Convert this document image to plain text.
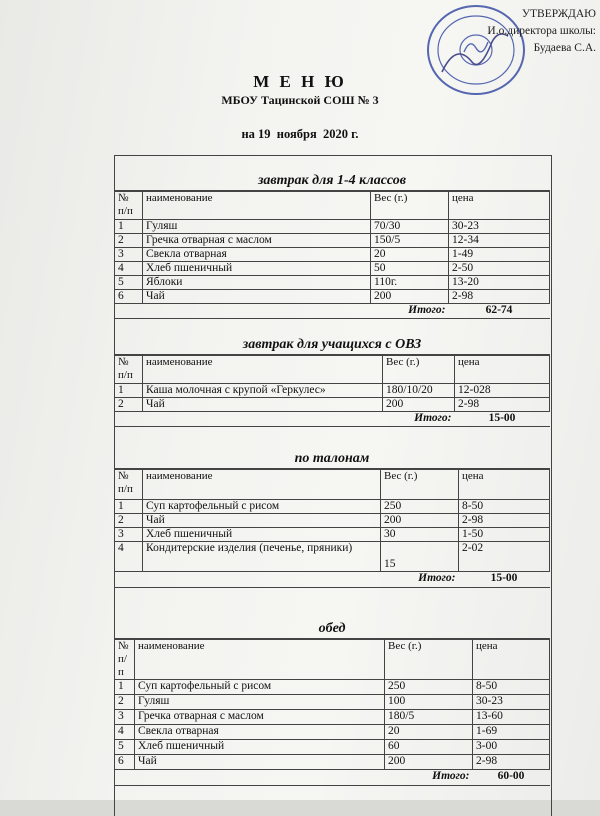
УТВЕРЖДАЮ
И.о.директора школы:
Будаева С.А.
М Е Н Ю
МБОУ Тацинской СОШ № 3
на 19  ноября  2020 г.
завтрак для 1-4 классов
№ п/п	наименование	Вес (г.)	цена
1	Гуляш	70/30	30-23
2	Гречка отварная с маслом	150/5	12-34
3	Свекла отварная	20	1-49
4	Хлеб пшеничный	50	2-50
5	Яблоки	110г.	13-20
6	Чай	200	2-98
Итого:			62-74
завтрак для учащихся с ОВЗ
№ п/п	наименование	Вес (г.)	цена
1	Каша молочная с крупой «Геркулес»	180/10/20	12-028
2	Чай	200	2-98
Итого:			15-00
по талонам
№ п/п	наименование	Вес (г.)	цена
1	Суп картофельный с рисом	250	8-50
2	Чай	200	2-98
3	Хлеб пшеничный	30	1-50
4	Кондитерские изделия (печенье, пряники)	15	2-02
Итого:			15-00
обед
№ п/п	наименование	Вес (г.)	цена
1	Суп картофельный с рисом	250	8-50
2	Гуляш	100	30-23
3	Гречка отварная с маслом	180/5	13-60
4	Свекла отварная	20	1-69
5	Хлеб пшеничный	60	3-00
6	Чай	200	2-98
Итого:			60-00
